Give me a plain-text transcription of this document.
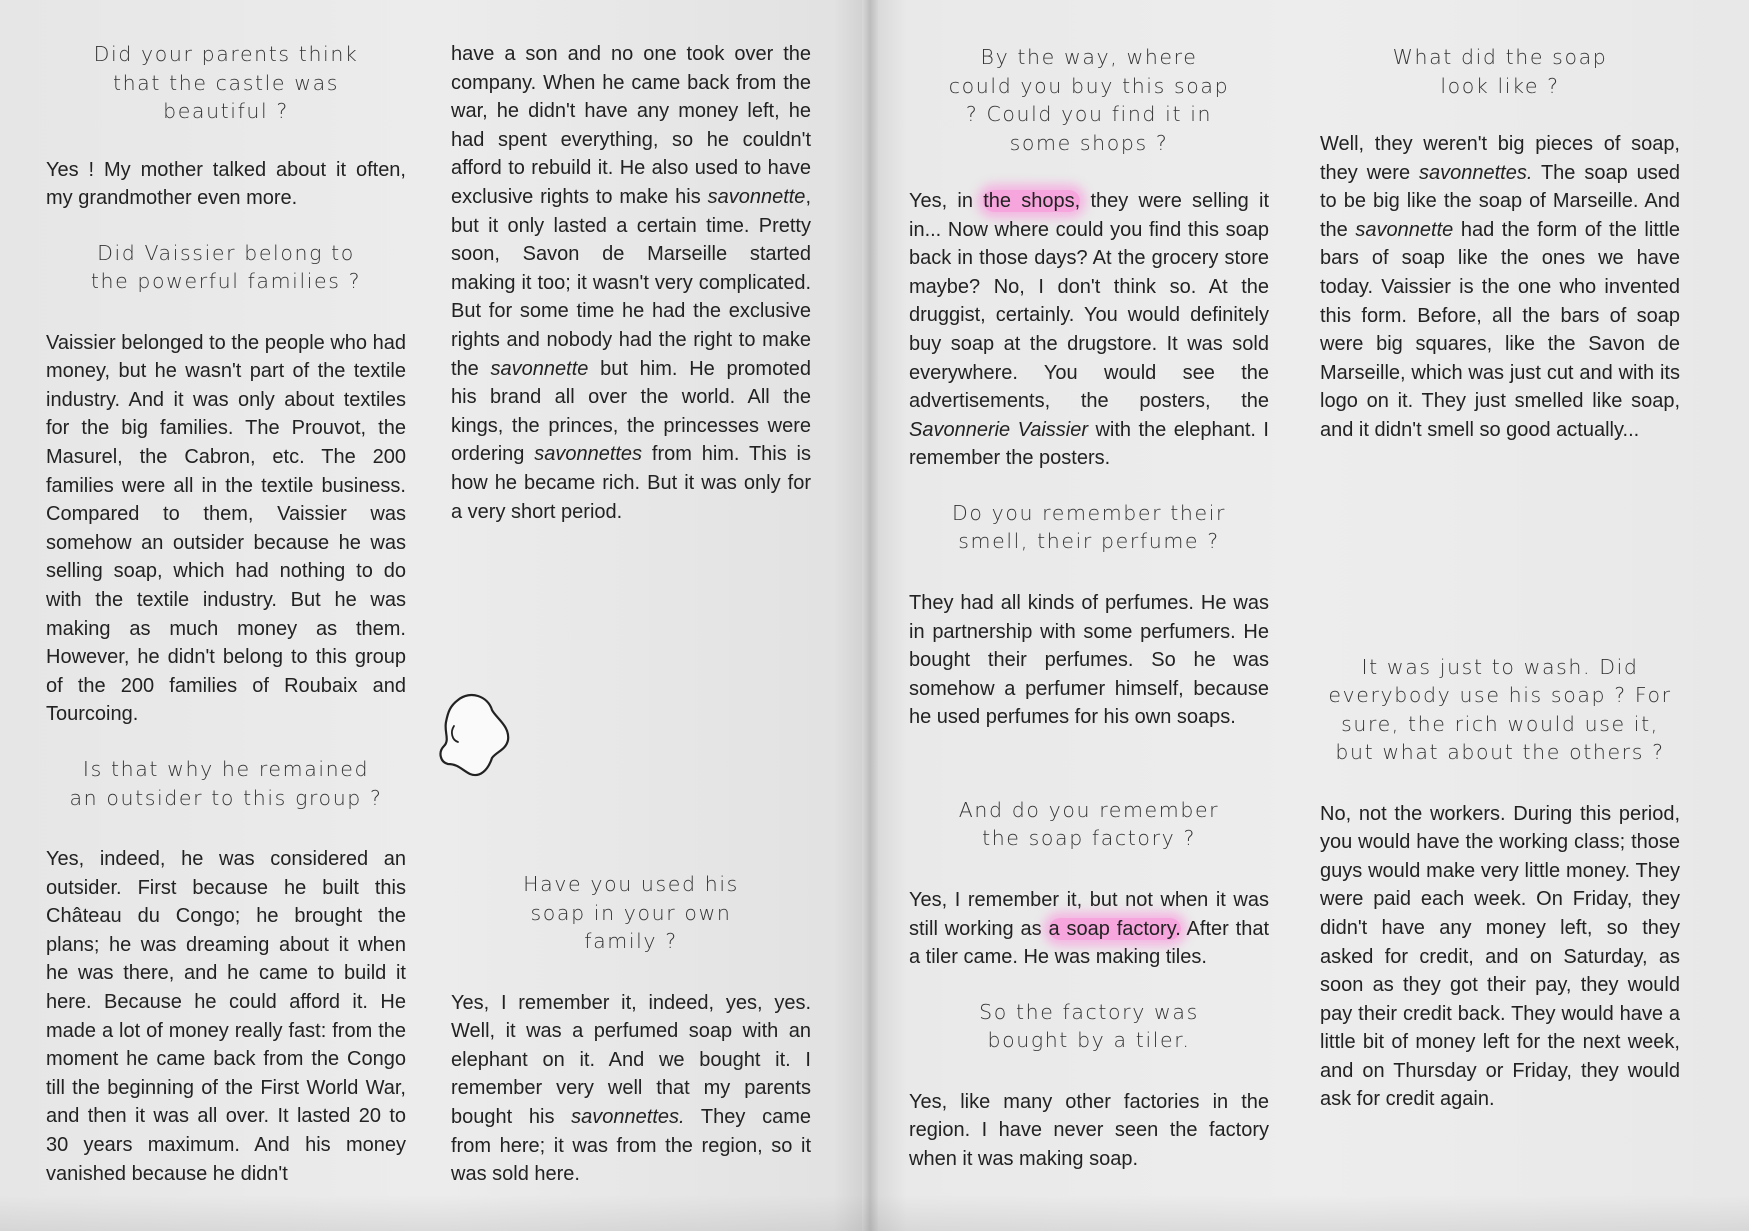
Did your parents think that the castle was beautiful ?

Yes ! My mother talked about it often, my grandmother even more.

Did Vaissier belong to the powerful families ?

Vaissier belonged to the people who had money, but he wasn't part of the textile industry. And it was only about textiles for the big families. The Prouvot, the Masurel, the Cabron, etc. The 200 families were all in the textile business. Compared to them, Vaissier was somehow an outsider because he was selling soap, which had nothing to do with the textile industry. But he was making as much money as them. However, he didn't belong to this group of the 200 families of Roubaix and Tourcoing.

Is that why he remained an outsider to this group ?

Yes, indeed, he was considered an outsider. First because he built this Château du Congo; he brought the plans; he was dreaming about it when he was there, and he came to build it here. Because he could afford it. He made a lot of money really fast: from the moment he came back from the Congo till the beginning of the First World War, and then it was all over. It lasted 20 to 30 years maximum. And his money vanished because he didn't

have a son and no one took over the company. When he came back from the war, he didn't have any money left, he had spent everything, so he couldn't afford to rebuild it. He also used to have exclusive rights to make his savonnette, but it only lasted a certain time. Pretty soon, Savon de Marseille started making it too; it wasn't very complicated. But for some time he had the exclusive rights and nobody had the right to make the savonnette but him. He promoted his brand all over the world. All the kings, the princes, the princesses were ordering savonnettes from him. This is how he became rich. But it was only for a very short period.

Have you used his soap in your own family ?

Yes, I remember it, indeed, yes, yes. Well, it was a perfumed soap with an elephant on it. And we bought it. I remember very well that my parents bought his savonnettes. They came from here; it was from the region, so it was sold here.

By the way, where could you buy this soap ? Could you find it in some shops ?

Yes, in the shops, they were selling it in... Now where could you find this soap back in those days? At the grocery store maybe? No, I don't think so. At the druggist, certainly. You would definitely buy soap at the drugstore. It was sold everywhere. You would see the advertisements, the posters, the Savonnerie Vaissier with the elephant. I remember the posters.

Do you remember their smell, their perfume ?

They had all kinds of perfumes. He was in partnership with some perfumers. He bought their perfumes. So he was somehow a perfumer himself, because he used perfumes for his own soaps.

And do you remember the soap factory ?

Yes, I remember it, but not when it was still working as a soap factory. After that a tiler came. He was making tiles.

So the factory was bought by a tiler.

Yes, like many other factories in the region. I have never seen the factory when it was making soap.

What did the soap look like ?

Well, they weren't big pieces of soap, they were savonnettes. The soap used to be big like the soap of Marseille. And the savonnette had the form of the little bars of soap like the ones we have today. Vaissier is the one who invented this form. Before, all the bars of soap were big squares, like the Savon de Marseille, which was just cut and with its logo on it. They just smelled like soap, and it didn't smell so good actually...

It was just to wash. Did everybody use his soap ? For sure, the rich would use it, but what about the others ?

No, not the workers. During this period, you would have the working class; those guys would make very little money. They were paid each week. On Friday, they didn't have any money left, so they asked for credit, and on Saturday, as soon as they got their pay, they would pay their credit back. They would have a little bit of money left for the next week, and on Thursday or Friday, they would ask for credit again.
